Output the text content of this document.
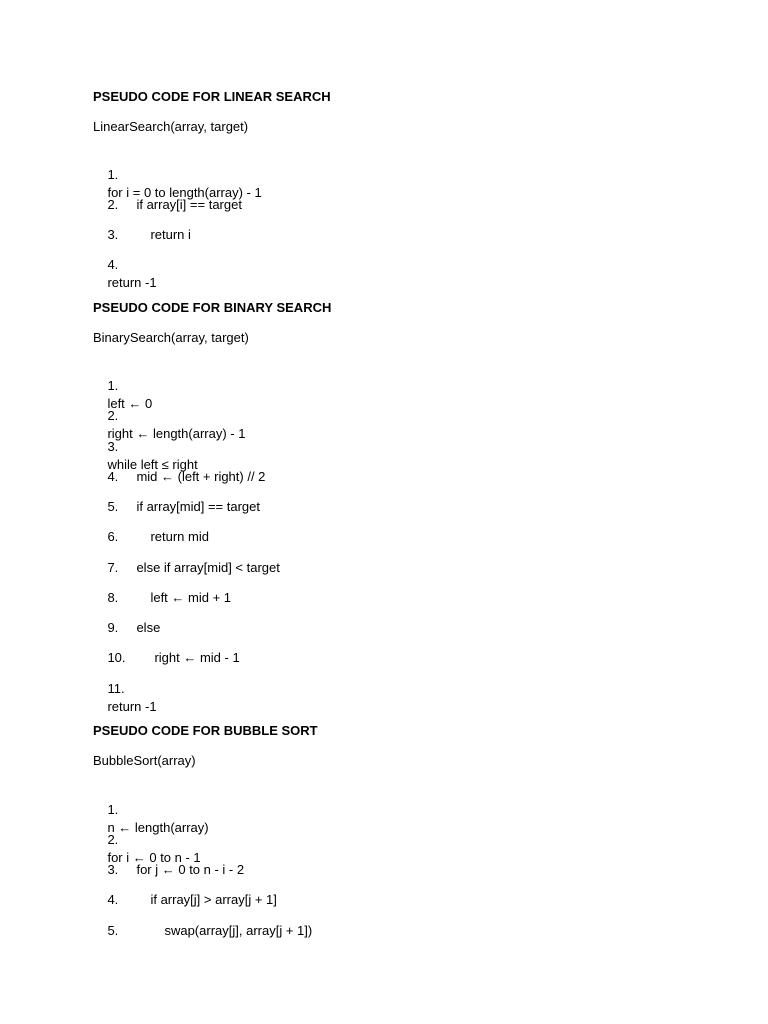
PSEUDO CODE FOR LINEAR SEARCH
LinearSearch(array, target)

1.
for i = 0 to length(array) - 1

2. if array[i] == target

3. return i

4.
return -1

PSEUDO CODE FOR BINARY SEARCH
BinarySearch(array, target)

1.
left ← 0

2.
right ← length(array) - 1

3.
while left ≤ right

4. mid ← (left + right) // 2

5. if array[mid] == target

6. return mid

7. else if array[mid] < target

8. left ← mid + 1

9. else

10. right ← mid - 1

11.
return -1

PSEUDO CODE FOR BUBBLE SORT
BubbleSort(array)

1.
n ← length(array)

2.
for i ← 0 to n - 1

3. for j ← 0 to n - i - 2

4. if array[j] > array[j + 1]

5.	swap(array[j], array[j + 1])
